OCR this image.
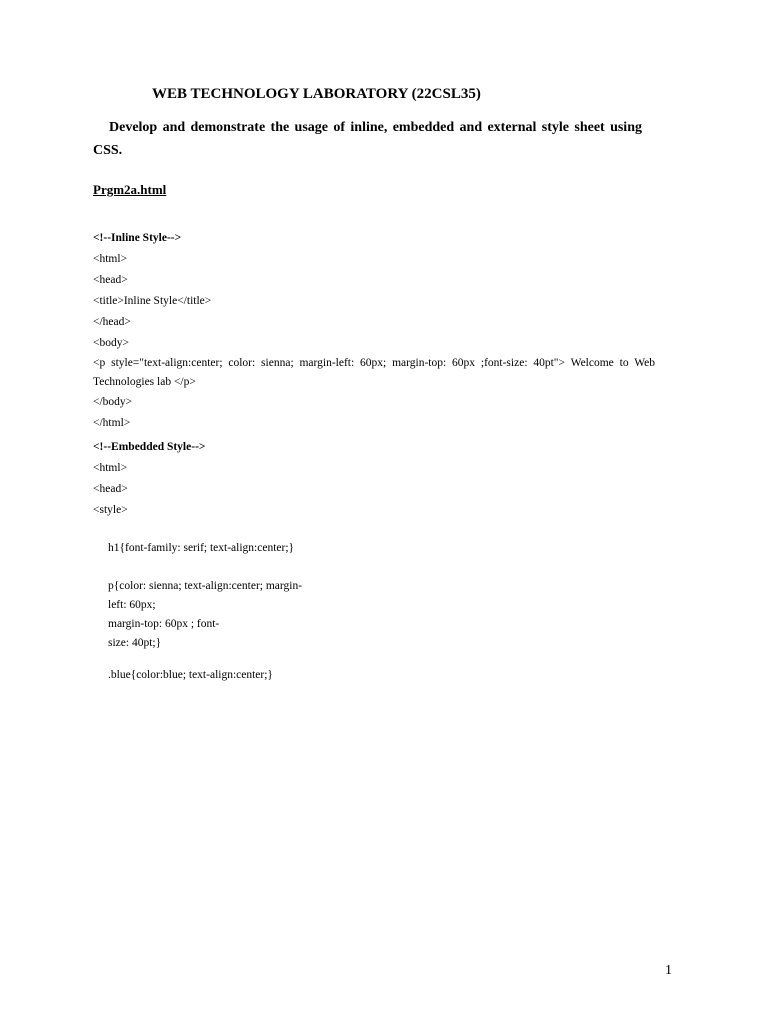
WEB TECHNOLOGY LABORATORY (22CSL35)
Develop and demonstrate the usage of inline, embedded and external style sheet using CSS.
Prgm2a.html
<!--Inline Style-->
<html>
<head>
<title>Inline Style</title>
</head>
<body>
<p style="text-align:center; color: sienna; margin-left: 60px; margin-top: 60px ;font-size: 40pt"> Welcome to Web Technologies lab </p>
</body>
</html>
<!--Embedded Style-->
<html>
<head>
<style>
h1{font-family: serif; text-align:center;}
p{color: sienna; text-align:center; margin-
left: 60px;
margin-top: 60px ; font-
size: 40pt;}
.blue{color:blue; text-align:center;}
1
